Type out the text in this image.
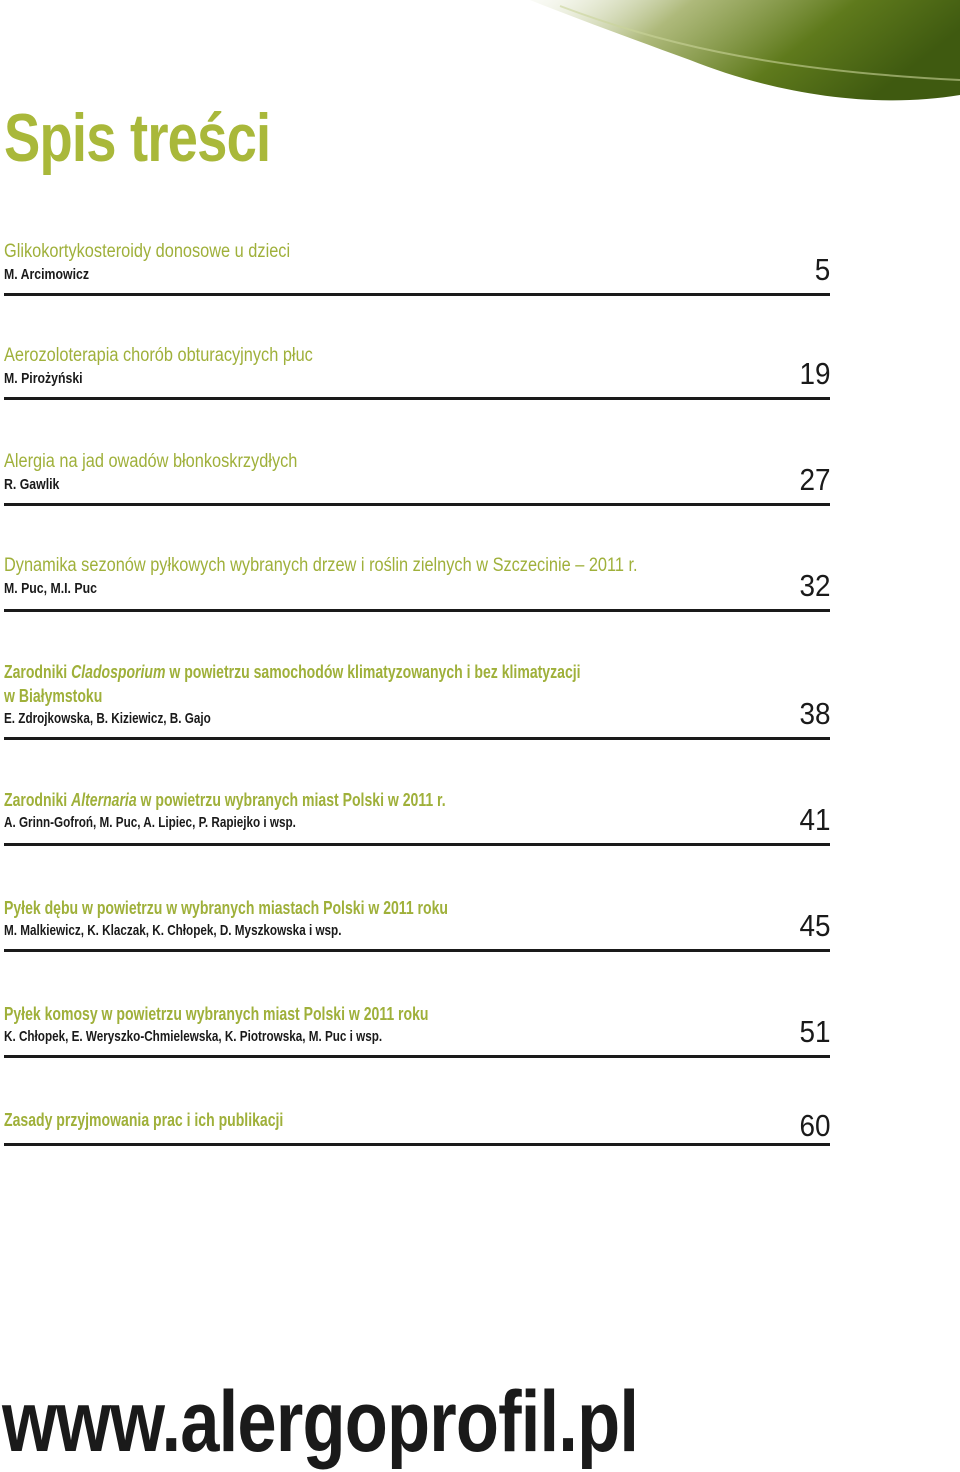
Spis treści
Glikokortykosteroidy donosowe u dzieci
M. Arcimowicz	5
Aerozoloterapia chorób obturacyjnych płuc
M. Pirożyński	19
Alergia na jad owadów błonkoskrzydłych
R. Gawlik	27
Dynamika sezonów pyłkowych wybranych drzew i roślin zielnych w Szczecinie – 2011 r.
M. Puc, M.I. Puc	32
Zarodniki Cladosporium w powietrzu samochodów klimatyzowanych i bez klimatyzacji
w Białymstoku
E. Zdrojkowska, B. Kiziewicz, B. Gajo	38
Zarodniki Alternaria w powietrzu wybranych miast Polski w 2011 r.
A. Grinn-Gofroń, M. Puc, A. Lipiec, P. Rapiejko i wsp.	41
Pyłek dębu w powietrzu w wybranych miastach Polski w 2011 roku
M. Malkiewicz, K. Klaczak, K. Chłopek, D. Myszkowska i wsp.	45
Pyłek komosy w powietrzu wybranych miast Polski w 2011 roku
K. Chłopek, E. Weryszko-Chmielewska, K. Piotrowska, M. Puc i wsp.	51
Zasady przyjmowania prac i ich publikacji	60
www.alergoprofil.pl
